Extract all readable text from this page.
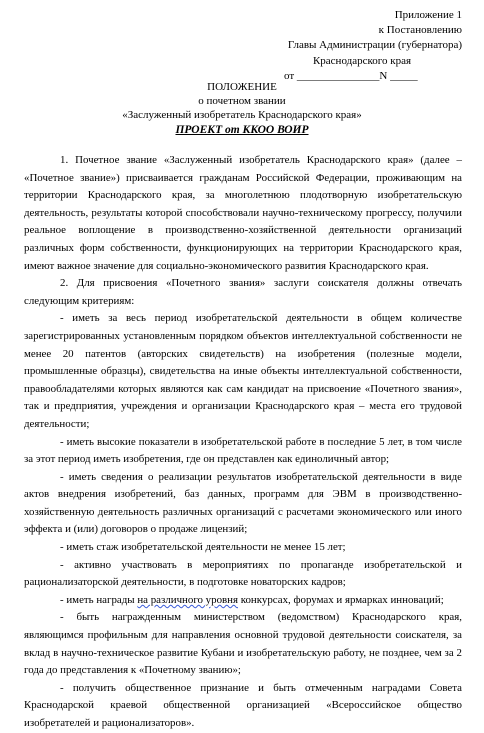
Приложение 1
к Постановлению
Главы Администрации (губернатора)
Краснодарского края
от _______________N _____
ПОЛОЖЕНИЕ
о почетном звании
«Заслуженный изобретатель Краснодарского края»
ПРОЕКТ от ККОО ВОИР

1. Почетное звание «Заслуженный изобретатель Краснодарского края» (далее – «Почетное звание») присваивается гражданам Российской Федерации, проживающим на территории Краснодарского края, за многолетнюю плодотворную изобретательскую деятельность, результаты которой способствовали научно-техническому прогрессу, получили реальное воплощение в производственно-хозяйственной деятельности организаций различных форм собственности, функционирующих на территории Краснодарского края, имеют важное значение для социально-экономического развития Краснодарского края.

2. Для присвоения «Почетного звания» заслуги соискателя должны отвечать следующим критериям:

- иметь за весь период изобретательской деятельности в общем количестве зарегистрированных установленным порядком объектов интеллектуальной собственности не менее 20 патентов (авторских свидетельств) на изобретения (полезные модели, промышленные образцы), свидетельства на иные объекты интеллектуальной собственности, правообладателями которых являются как сам кандидат на присвоение «Почетного звания», так и предприятия, учреждения и организации Краснодарского края – места его трудовой деятельности;

- иметь высокие показатели в изобретательской работе в последние 5 лет, в том числе за этот период иметь изобретения, где он представлен как единоличный автор;

- иметь сведения о реализации результатов изобретательской деятельности в виде актов внедрения изобретений, баз данных, программ для ЭВМ в производственно-хозяйственную деятельность различных организаций с расчетами экономического или иного эффекта и (или) договоров о продаже лицензий;

- иметь стаж изобретательской деятельности не менее 15 лет;

- активно участвовать в мероприятиях по пропаганде изобретательской и рационализаторской деятельности, в подготовке новаторских кадров;

- иметь награды на различного уровня конкурсах, форумах и ярмарках инноваций;

- быть награжденным министерством (ведомством) Краснодарского края, являющимся профильным для направления основной трудовой деятельности соискателя, за вклад в научно-техническое развитие Кубани и изобретательскую работу, не позднее, чем за 2 года до представления к «Почетному званию»;

- получить общественное признание и быть отмеченным наградами Совета Краснодарской краевой общественной организацией «Всероссийское общество изобретателей и рационализаторов».
